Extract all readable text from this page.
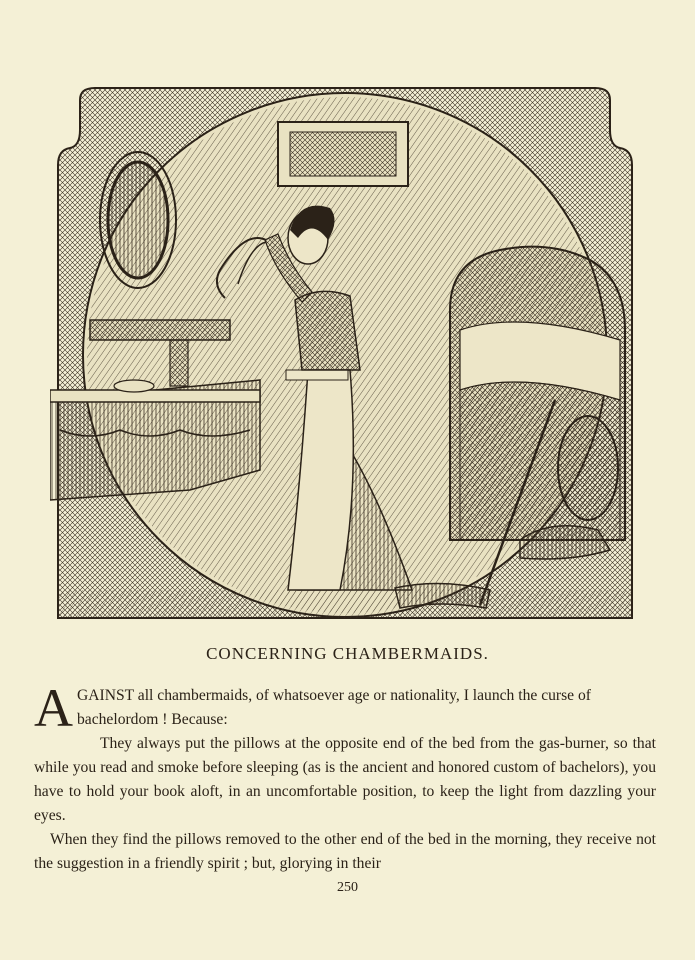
CONCERNING CHAMBERMAIDS.

AGAINST all chambermaids, of whatsoever age or nationality, I launch the curse of bachelordom ! Because:

They always put the pillows at the opposite end of the bed from the gas-burner, so that while you read and smoke before sleeping (as is the ancient and honored custom of bachelors), you have to hold your book aloft, in an uncomfortable position, to keep the light from dazzling your eyes.

When they find the pillows removed to the other end of the bed in the morning, they receive not the suggestion in a friendly spirit ; but, glorying in their

250
